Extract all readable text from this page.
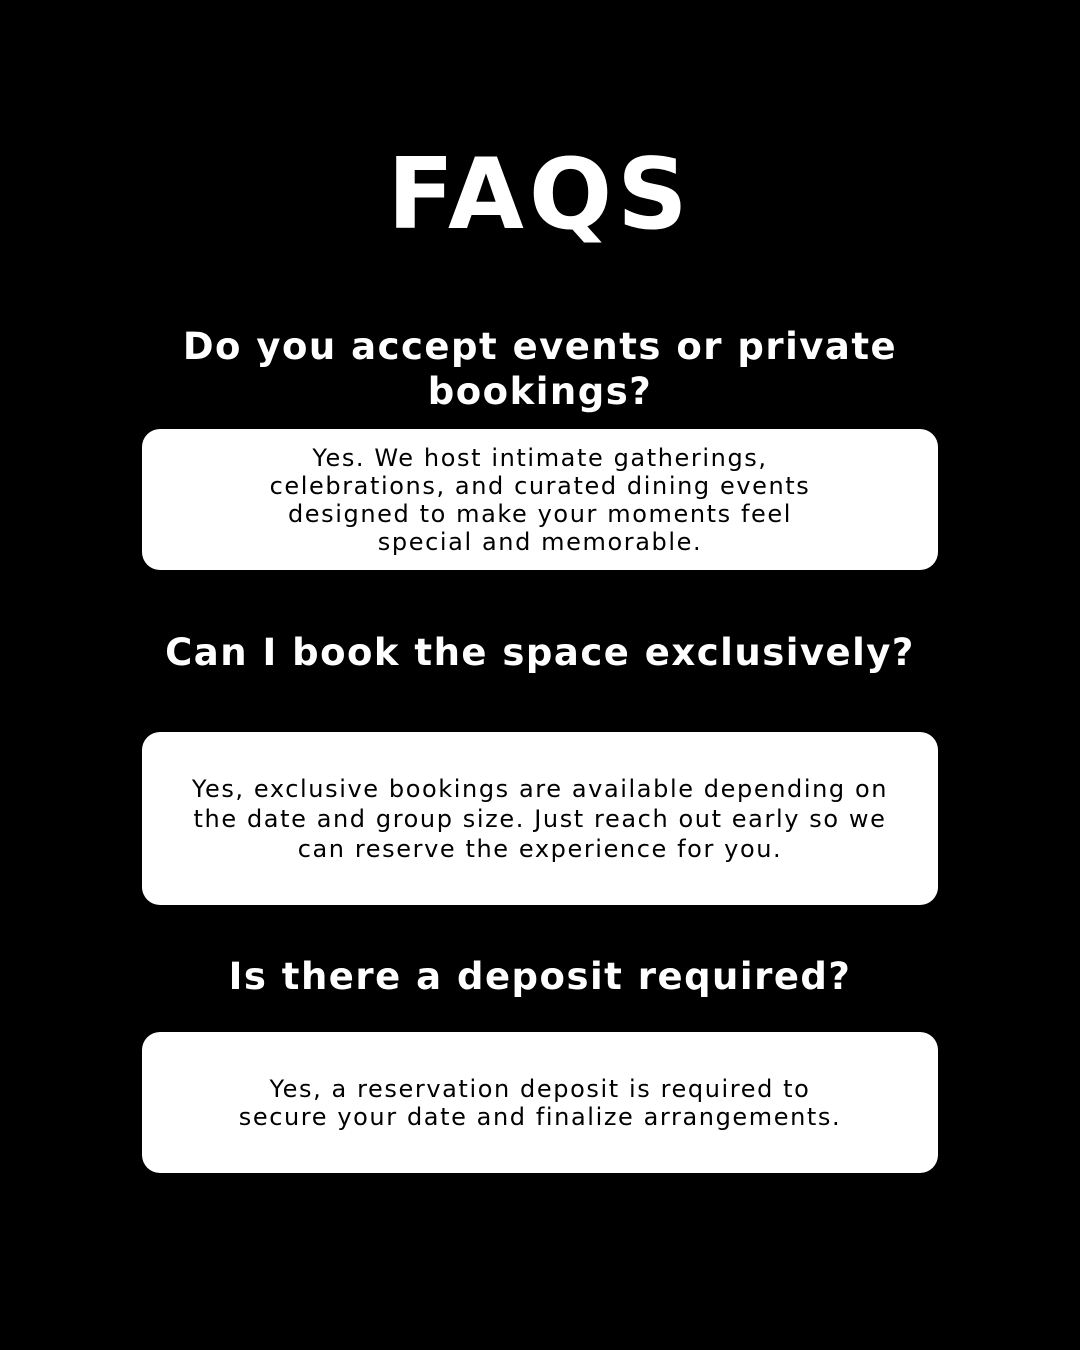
FAQS
Do you accept events or private bookings?

Yes. We host intimate gatherings, celebrations, and curated dining events designed to make your moments feel special and memorable.

Can I book the space exclusively?

Yes, exclusive bookings are available depending on the date and group size. Just reach out early so we can reserve the experience for you.

Is there a deposit required?

Yes, a reservation deposit is required to secure your date and finalize arrangements.
